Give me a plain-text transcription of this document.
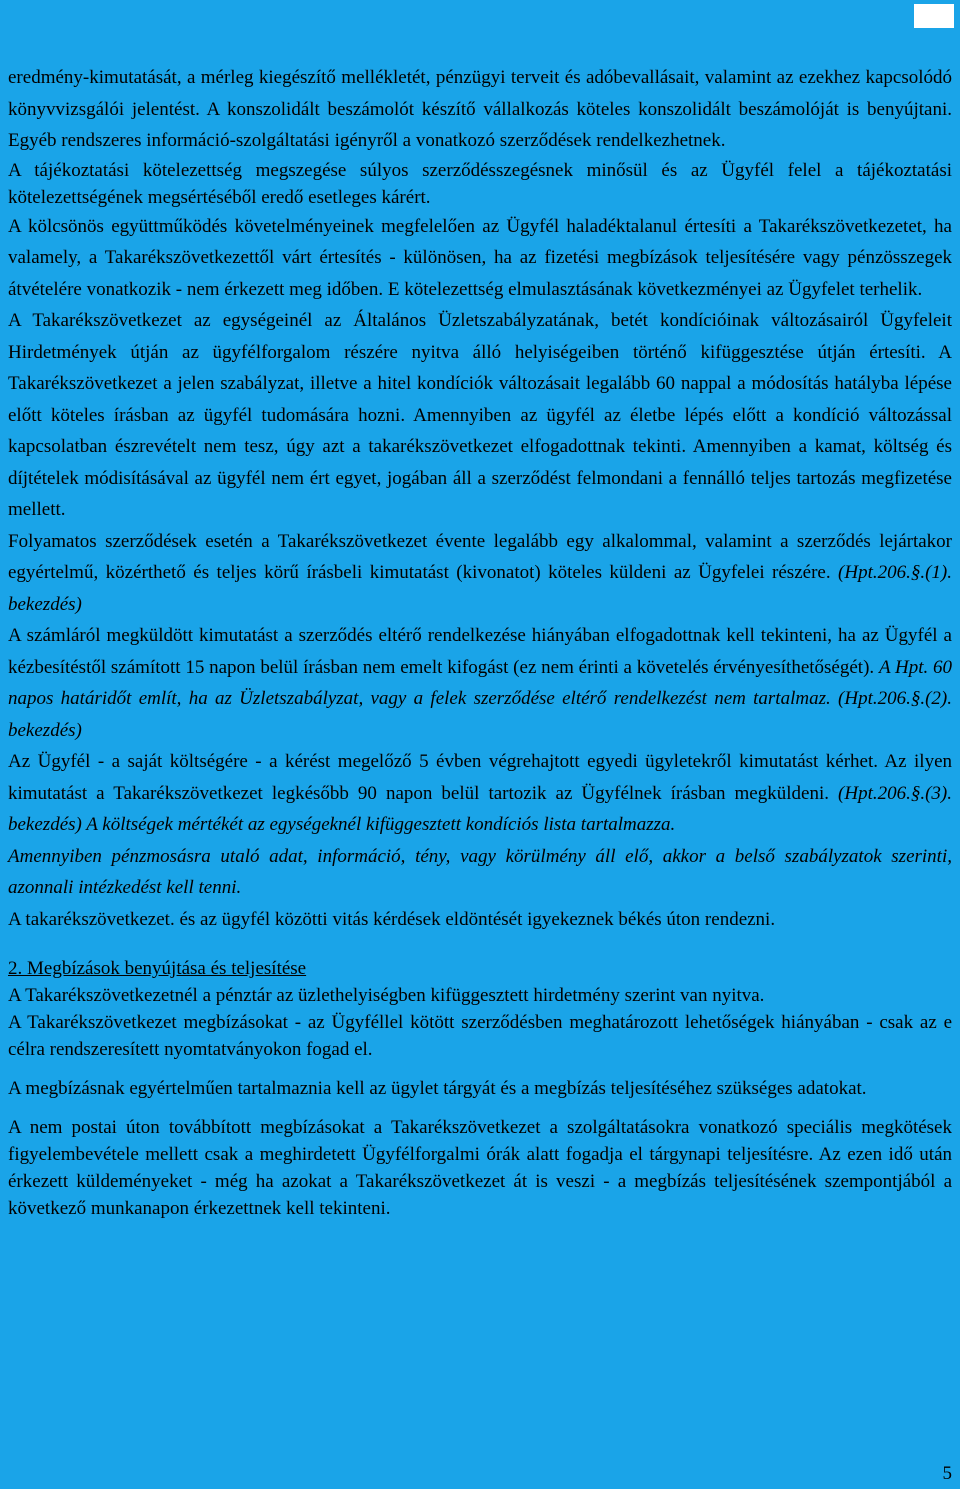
eredmény-kimutatását, a mérleg kiegészítő mellékletét, pénzügyi terveit és adóbevallásait, valamint az ezekhez kapcsolódó könyvvizsgálói jelentést. A konszolidált beszámolót készítő vállalkozás köteles konszolidált beszámolóját is benyújtani. Egyéb rendszeres információ-szolgáltatási igényről a vonatkozó szerződések rendelkezhetnek.

A tájékoztatási kötelezettség megszegése súlyos szerződésszegésnek minősül és az Ügyfél felel a tájékoztatási kötelezettségének megsértéséből eredő esetleges kárért.

A kölcsönös együttműködés követelményeinek megfelelően az Ügyfél haladéktalanul értesíti a Takarékszövetkezetet, ha valamely, a Takarékszövetkezettől várt értesítés - különösen, ha az fizetési megbízások teljesítésére vagy pénzösszegek átvételére vonatkozik - nem érkezett meg időben. E kötelezettség elmulasztásának következményei az Ügyfelet terhelik.

A Takarékszövetkezet az egységeinél az Általános Üzletszabályzatának, betét kondícióinak változásairól Ügyfeleit Hirdetmények útján az ügyfélforgalom részére nyitva álló helyiségeiben történő kifüggesztése útján értesíti. A Takarékszövetkezet a jelen szabályzat, illetve a hitel kondíciók változásait legalább 60 nappal a módosítás hatályba lépése előtt köteles írásban az ügyfél tudomására hozni. Amennyiben az ügyfél az életbe lépés előtt a kondíció változással kapcsolatban észrevételt nem tesz, úgy azt a takarékszövetkezet elfogadottnak tekinti. Amennyiben a kamat, költség és díjtételek módisításával az ügyfél nem ért egyet, jogában áll a szerződést felmondani a fennálló teljes tartozás megfizetése mellett.

Folyamatos szerződések esetén a Takarékszövetkezet évente legalább egy alkalommal, valamint a szerződés lejártakor egyértelmű, közérthető és teljes körű írásbeli kimutatást (kivonatot) köteles küldeni az Ügyfelei részére. (Hpt.206.§.(1). bekezdés)

A számláról megküldött kimutatást a szerződés eltérő rendelkezése hiányában elfogadottnak kell tekinteni, ha az Ügyfél a kézbesítéstől számított 15 napon belül írásban nem emelt kifogást (ez nem érinti a követelés érvényesíthetőségét). A Hpt. 60 napos határidőt említ, ha az Üzletszabályzat, vagy a felek szerződése eltérő rendelkezést nem tartalmaz. (Hpt.206.§.(2). bekezdés)

Az Ügyfél - a saját költségére - a kérést megelőző 5 évben végrehajtott egyedi ügyletekről kimutatást kérhet. Az ilyen kimutatást a Takarékszövetkezet legkésőbb 90 napon belül tartozik az Ügyfélnek írásban megküldeni. (Hpt.206.§.(3). bekezdés) A költségek mértékét az egységeknél kifüggesztett kondíciós lista tartalmazza.

Amennyiben pénzmosásra utaló adat, információ, tény, vagy körülmény áll elő, akkor a belső szabályzatok szerinti, azonnali intézkedést kell tenni.

A takarékszövetkezet. és az ügyfél közötti vitás kérdések eldöntését igyekeznek békés úton rendezni.

2. Megbízások benyújtása és teljesítése

A Takarékszövetkezetnél a pénztár az üzlethelyiségben kifüggesztett hirdetmény szerint van nyitva.

A Takarékszövetkezet megbízásokat - az Ügyféllel kötött szerződésben meghatározott lehetőségek hiányában - csak az e célra rendszeresített nyomtatványokon fogad el.

A megbízásnak egyértelműen tartalmaznia kell az ügylet tárgyát és a megbízás teljesítéséhez szükséges adatokat.

A nem postai úton továbbított megbízásokat a Takarékszövetkezet a szolgáltatásokra vonatkozó speciális megkötések figyelembevétele mellett csak a meghirdetett Ügyfélforgalmi órák alatt fogadja el tárgynapi teljesítésre. Az ezen idő után érkezett küldeményeket - még ha azokat a Takarékszövetkezet át is veszi - a megbízás teljesítésének szempontjából a következő munkanapon érkezettnek kell tekinteni.

5
